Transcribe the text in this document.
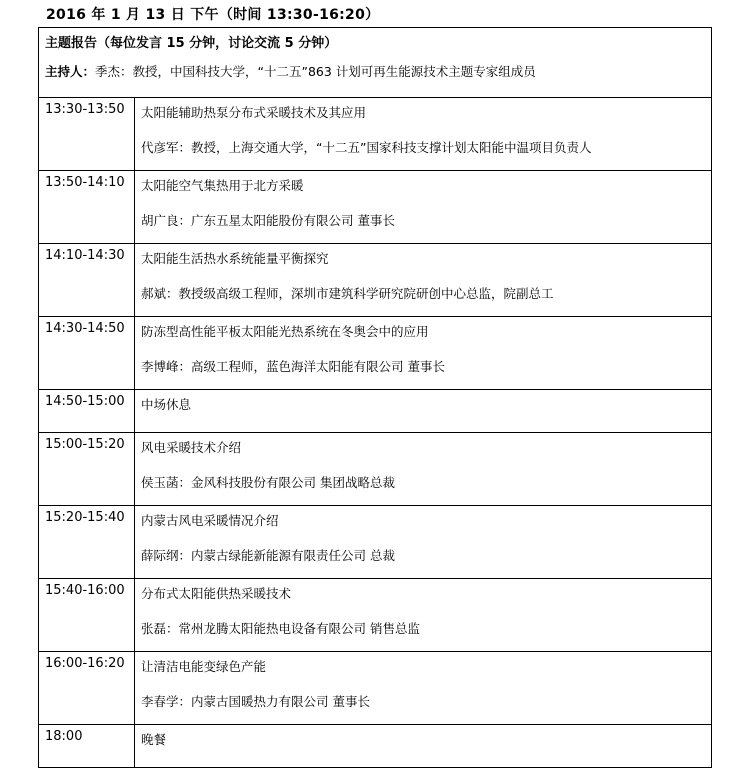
2016 年 1 月 13 日 下午（时间 13:30-16:20）
主题报告（每位发言 15 分钟，讨论交流 5 分钟）	
主持人：季杰：教授，中国科技大学，“十二五”863 计划可再生能源技术主题专家组成员	
13:30-13:50	太阳能辅助热泵分布式采暖技术及其应用
代彦军：教授，上海交通大学，“十二五”国家科技支撑计划太阳能中温项目负责人

13:50-14:10	太阳能空气集热用于北方采暖
胡广良：广东五星太阳能股份有限公司 董事长

14:10-14:30	太阳能生活热水系统能量平衡探究
郝斌：教授级高级工程师，深圳市建筑科学研究院研创中心总监，院副总工

14:30-14:50	防冻型高性能平板太阳能光热系统在冬奥会中的应用
李博峰：高级工程师，蓝色海洋太阳能有限公司 董事长

14:50-15:00	中场休息

15:00-15:20	风电采暖技术介绍
侯玉菡：金风科技股份有限公司 集团战略总裁

15:20-15:40	内蒙古风电采暖情况介绍
薛际纲：内蒙古绿能新能源有限责任公司 总裁

15:40-16:00	分布式太阳能供热采暖技术
张磊：常州龙腾太阳能热电设备有限公司 销售总监

16:00-16:20	让清洁电能变绿色产能
李春学：内蒙古国暖热力有限公司 董事长

18:00	晚餐
